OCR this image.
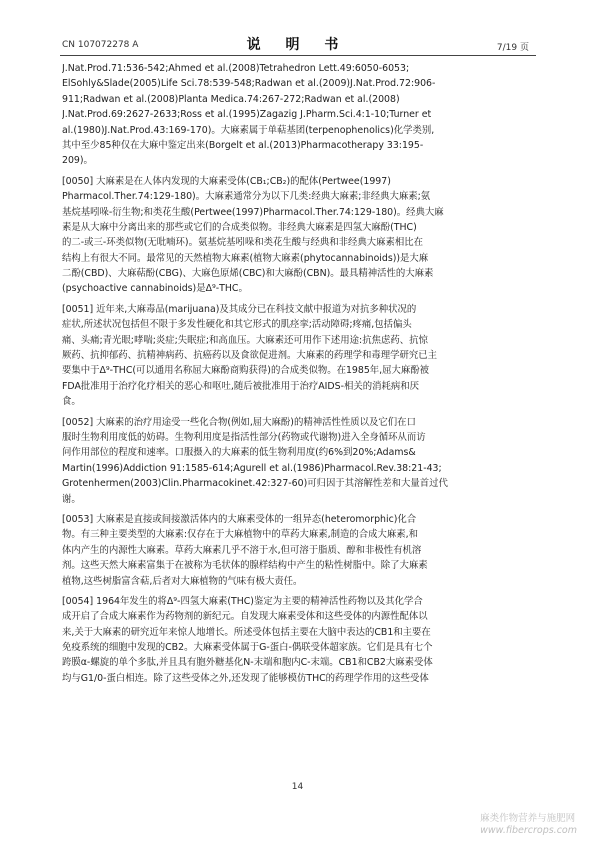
CN 107072278 A	说 明 书	7/19 页
J.Nat.Prod.71:536-542;Ahmed et al.(2008)Tetrahedron Lett.49:6050-6053;
ElSohly&Slade(2005)Life Sci.78:539-548;Radwan et al.(2009)J.Nat.Prod.72:906-
911;Radwan et al.(2008)Planta Medica.74:267-272;Radwan et al.(2008)
J.Nat.Prod.69:2627-2633;Ross et al.(1995)Zagazig J.Pharm.Sci.4:1-10;Turner et
al.(1980)J.Nat.Prod.43:169-170)。大麻素属于单萜基团(terpenophenolics)化学类别,
其中至少85种仅在大麻中鉴定出来(Borgelt et al.(2013)Pharmacotherapy 33:195-
209)。
[0050] 大麻素是在人体内发现的大麻素受体(CB₁;CB₂)的配体(Pertwee(1997)
Pharmacol.Ther.74:129-180)。大麻素通常分为以下几类:经典大麻素;非经典大麻素;氨
基烷基吲哚-衍生物;和类花生酸(Pertwee(1997)Pharmacol.Ther.74:129-180)。经典大麻
素是从大麻中分离出来的那些或它们的合成类似物。非经典大麻素是四氢大麻酚(THC)
的二-或三-环类似物(无吡喃环)。氨基烷基吲哚和类花生酸与经典和非经典大麻素相比在
结构上有很大不同。最常见的天然植物大麻素(植物大麻素(phytocannabinoids))是大麻
二酚(CBD)、大麻萜酚(CBG)、大麻色原烯(CBC)和大麻酚(CBN)。最具精神活性的大麻素
(psychoactive cannabinoids)是Δ⁹-THC。
[0051] 近年来,大麻毒品(marijuana)及其成分已在科技文献中报道为对抗多种状况的
症状,所述状况包括但不限于多发性硬化和其它形式的肌痉挛;活动障碍;疼痛,包括偏头
痛、头痛;青光眼;哮喘;炎症;失眠症;和高血压。大麻素还可用作下述用途:抗焦虑药、抗惊
厥药、抗抑郁药、抗精神病药、抗癌药以及食欲促进剂。大麻素的药理学和毒理学研究已主
要集中于Δ⁹-THC(可以通用名称屈大麻酚商购获得)的合成类似物。在1985年,屈大麻酚被
FDA批准用于治疗化疗相关的恶心和呕吐,随后被批准用于治疗AIDS-相关的消耗病和厌
食。
[0052] 大麻素的治疗用途受一些化合物(例如,屈大麻酚)的精神活性性质以及它们在口
服时生物利用度低的妨碍。生物利用度是指活性部分(药物或代谢物)进入全身循环从而访
问作用部位的程度和速率。口服摄入的大麻素的低生物利用度(约6%到20%;Adams&
Martin(1996)Addiction 91:1585-614;Agurell et al.(1986)Pharmacol.Rev.38:21-43;
Grotenhermen(2003)Clin.Pharmacokinet.42:327-60)可归因于其溶解性差和大量首过代
谢。
[0053] 大麻素是直接或间接激活体内的大麻素受体的一组异态(heteromorphic)化合
物。有三种主要类型的大麻素:仅存在于大麻植物中的草药大麻素,制造的合成大麻素,和
体内产生的内源性大麻素。草药大麻素几乎不溶于水,但可溶于脂质、醇和非极性有机溶
剂。这些天然大麻素富集于在被称为毛状体的腺样结构中产生的粘性树脂中。除了大麻素
植物,这些树脂富含萜,后者对大麻植物的气味有极大责任。
[0054] 1964年发生的将Δ⁹-四氢大麻素(THC)鉴定为主要的精神活性药物以及其化学合
成开启了合成大麻素作为药物剂的新纪元。自发现大麻素受体和这些受体的内源性配体以
来,关于大麻素的研究近年来惊人地增长。所述受体包括主要在大脑中表达的CB1和主要在
免疫系统的细胞中发现的CB2。大麻素受体属于G-蛋白-偶联受体超家族。它们是具有七个
跨膜α-螺旋的单个多肽,并且具有胞外糖基化N-末端和胞内C-末端。CB1和CB2大麻素受体
均与G1/0-蛋白相连。除了这些受体之外,还发现了能够模仿THC的药理学作用的这些受体
14
麻类作物营养与施肥网
www.fibercrops.com
